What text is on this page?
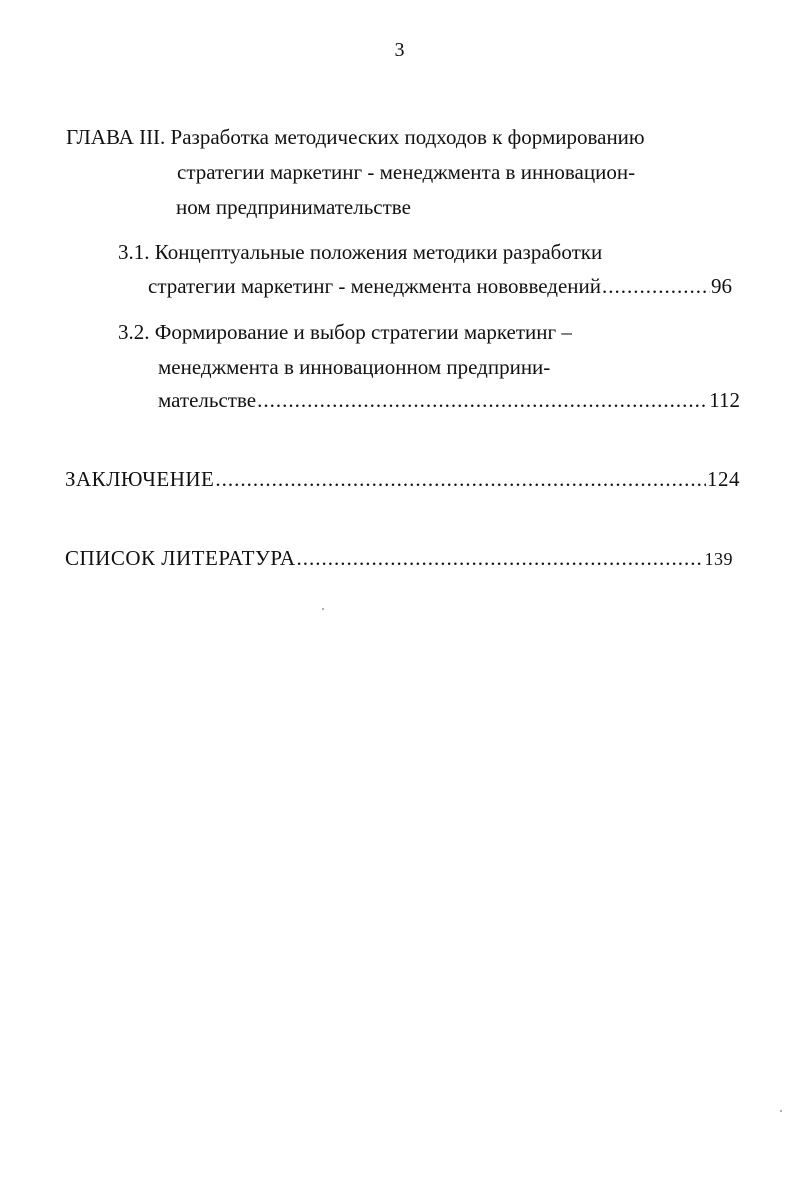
3
ГЛАВА III. Разработка методических подходов к формированию
стратегии маркетинг - менеджмента в инновацион-
ном предпринимательстве
3.1. Концептуальные положения методики разработки
стратегии маркетинг - менеджмента нововведений .....	96
3.2. Формирование и выбор стратегии маркетинг –
менеджмента в инновационном предприни-
мательстве .....	112
ЗАКЛЮЧЕНИЕ .....	124
СПИСОК ЛИТЕРАТУРА .....	139
